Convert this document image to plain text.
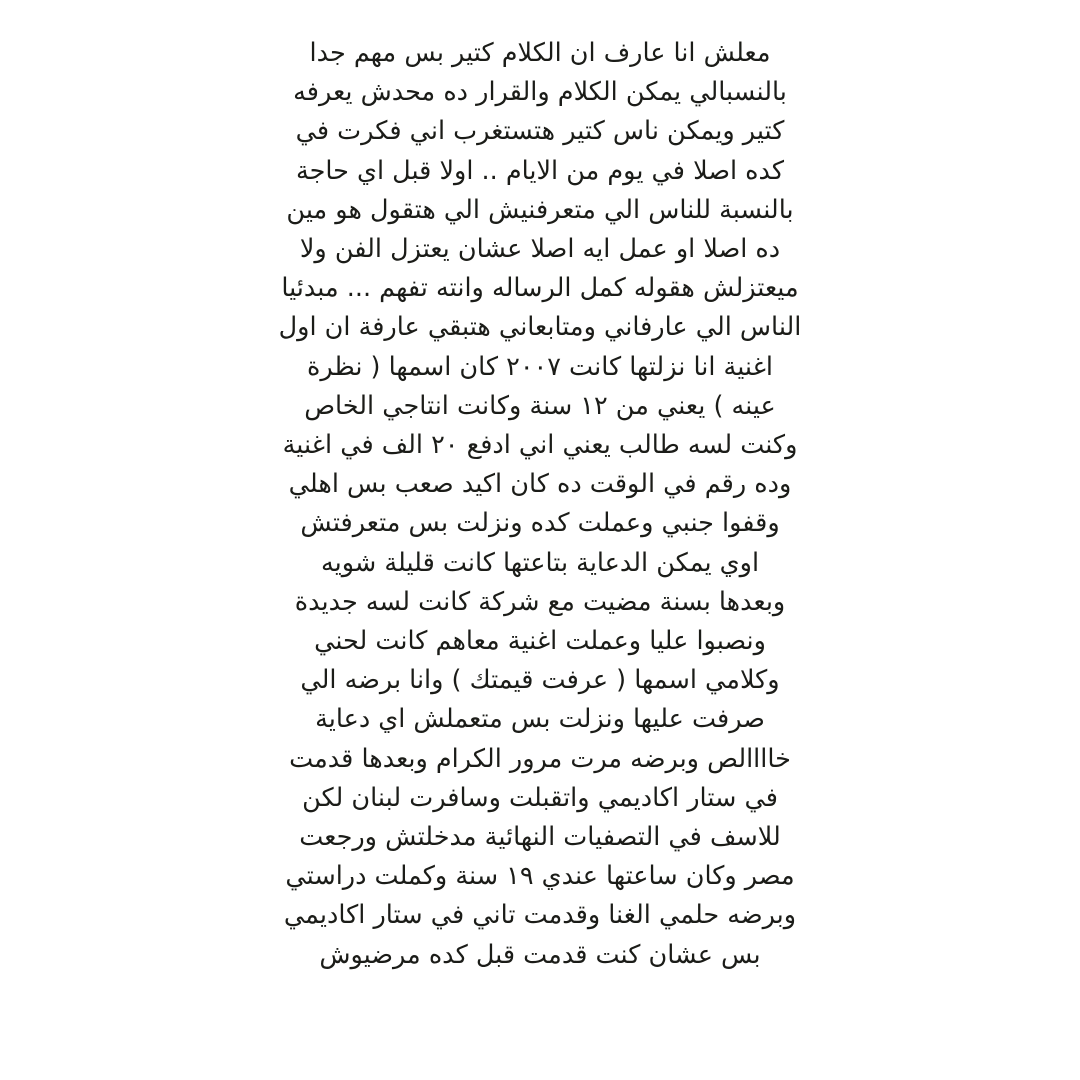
معلش انا عارف ان الكلام كتير بس مهم جدا
بالنسبالي يمكن الكلام والقرار ده محدش يعرفه
كتير ويمكن ناس كتير هتستغرب اني فكرت في
كده اصلا في يوم من الايام .. اولا قبل اي حاجة
بالنسبة للناس الي متعرفنيش الي هتقول هو مين
ده اصلا او عمل ايه اصلا عشان يعتزل الفن ولا
ميعتزلش هقوله كمل الرساله وانته تفهم ... مبدئيا
الناس الي عارفاني ومتابعاني هتبقي عارفة ان اول
اغنية انا نزلتها كانت ٢٠٠٧ كان اسمها ( نظرة
عينه ) يعني من ١٢ سنة وكانت انتاجي الخاص
وكنت لسه طالب يعني اني ادفع ٢٠ الف في اغنية
وده رقم في الوقت ده كان اكيد صعب بس اهلي
وقفوا جنبي وعملت كده ونزلت بس متعرفتش
اوي يمكن الدعاية بتاعتها كانت قليلة شويه
وبعدها بسنة مضيت مع شركة كانت لسه جديدة
ونصبوا عليا وعملت اغنية معاهم كانت لحني
وكلامي اسمها ( عرفت قيمتك ) وانا برضه الي
صرفت عليها ونزلت بس متعملش اي دعاية
خاااالص وبرضه مرت مرور الكرام وبعدها قدمت
في ستار اكاديمي واتقبلت وسافرت لبنان لكن
للاسف في التصفيات النهائية مدخلتش ورجعت
مصر وكان ساعتها عندي ١٩ سنة وكملت دراستي
وبرضه حلمي الغنا وقدمت تاني في ستار اكاديمي
بس عشان كنت قدمت قبل كده مرضيوش
